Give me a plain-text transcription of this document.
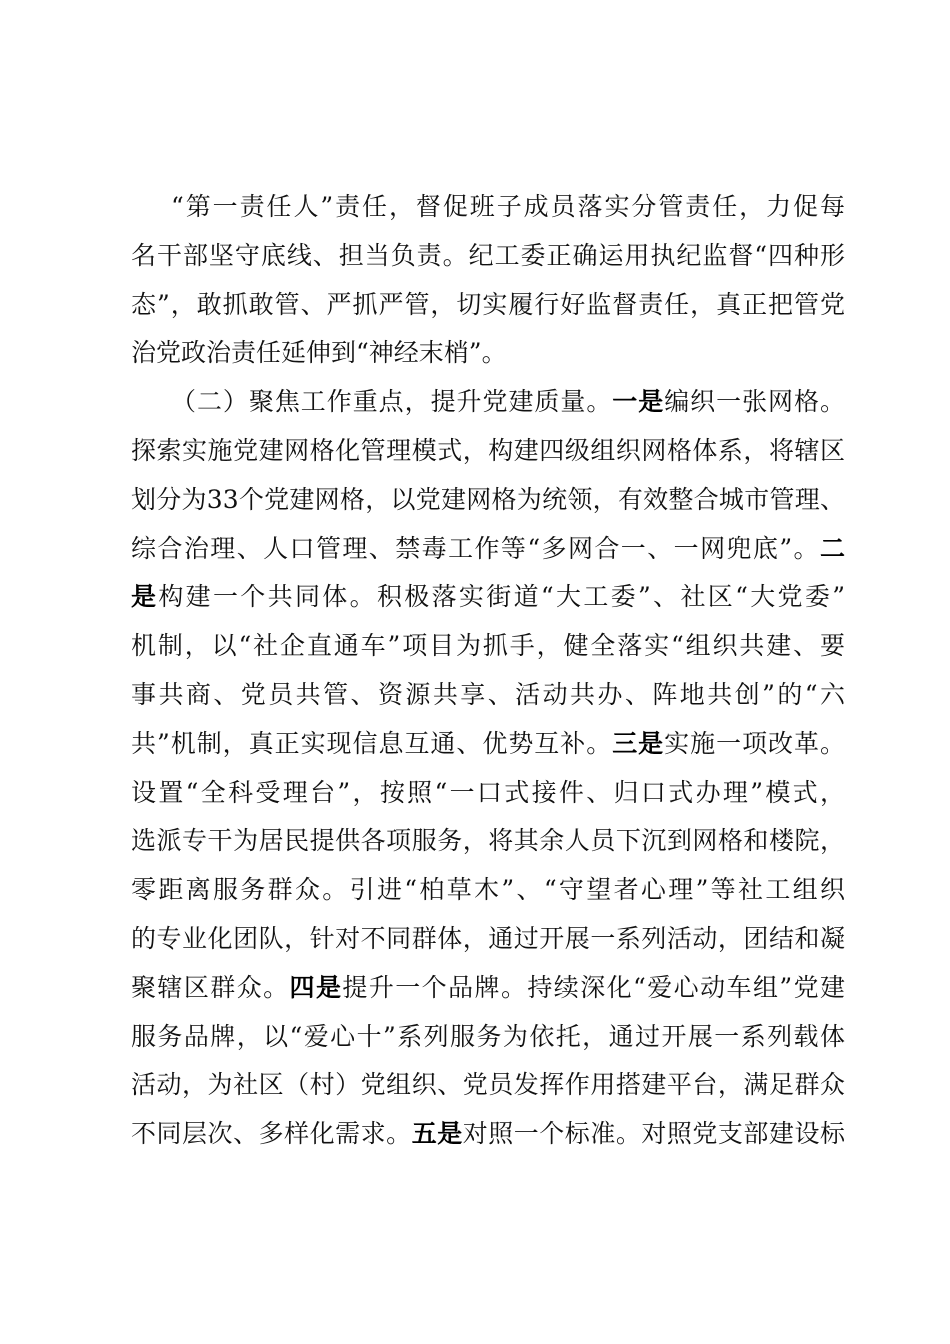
“第一责任人”责任，督促班子成员落实分管责任，力促每
名干部坚守底线、担当负责。纪工委正确运用执纪监督“四种形
态”，敢抓敢管、严抓严管，切实履行好监督责任，真正把管党
治党政治责任延伸到“神经末梢”。
（二）聚焦工作重点，提升党建质量。一是编织一张网格。
探索实施党建网格化管理模式，构建四级组织网格体系，将辖区
划分为33个党建网格，以党建网格为统领，有效整合城市管理、
综合治理、人口管理、禁毒工作等“多网合一、一网兜底”。二
是构建一个共同体。积极落实街道“大工委”、社区“大党委”
机制，以“社企直通车”项目为抓手，健全落实“组织共建、要
事共商、党员共管、资源共享、活动共办、阵地共创”的“六
共”机制，真正实现信息互通、优势互补。三是实施一项改革。
设置“全科受理台”，按照“一口式接件、归口式办理”模式，
选派专干为居民提供各项服务，将其余人员下沉到网格和楼院，
零距离服务群众。引进“柏草木”、“守望者心理”等社工组织
的专业化团队，针对不同群体，通过开展一系列活动，团结和凝
聚辖区群众。四是提升一个品牌。持续深化“爱心动车组”党建
服务品牌，以“爱心十”系列服务为依托，通过开展一系列载体
活动，为社区（村）党组织、党员发挥作用搭建平台，满足群众
不同层次、多样化需求。五是对照一个标准。对照党支部建设标
